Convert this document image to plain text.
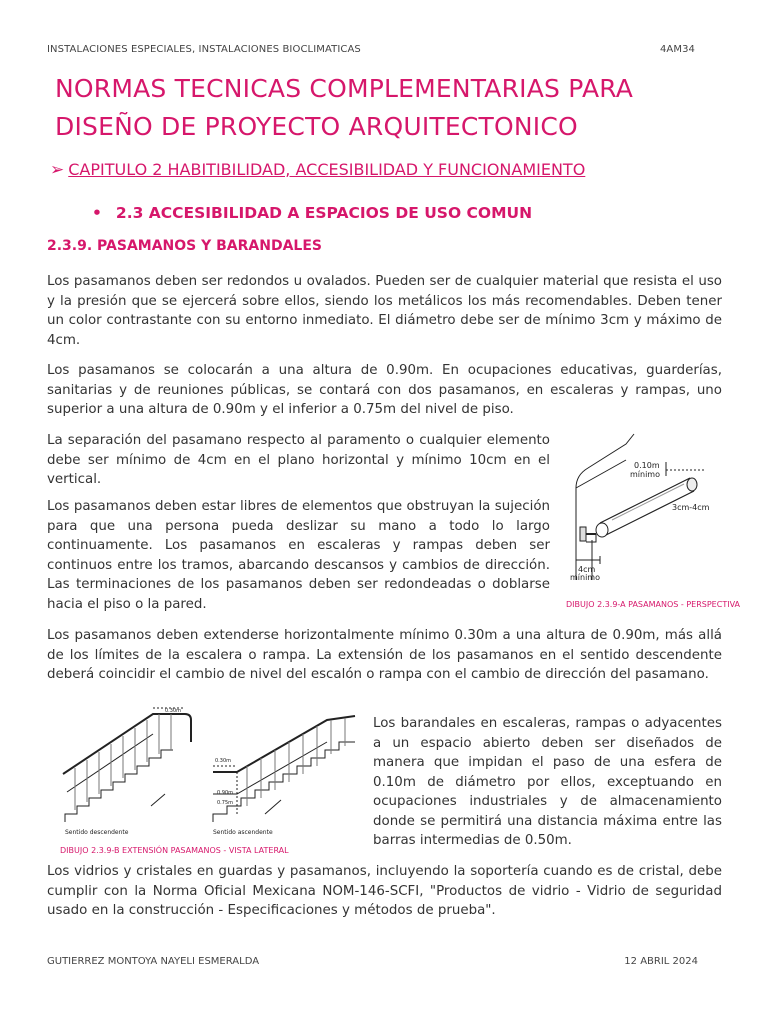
INSTALACIONES ESPECIALES, INSTALACIONES BIOCLIMATICAS	4AM34
NORMAS TECNICAS COMPLEMENTARIAS PARA DISEÑO DE PROYECTO ARQUITECTONICO
➢ CAPITULO 2 HABITIBILIDAD, ACCESIBILIDAD Y FUNCIONAMIENTO
• 2.3 ACCESIBILIDAD A ESPACIOS DE USO COMUN
2.3.9. PASAMANOS Y BARANDALES
Los pasamanos deben ser redondos u ovalados. Pueden ser de cualquier material que resista el uso y la presión que se ejercerá sobre ellos, siendo los metálicos los más recomendables. Deben tener un color contrastante con su entorno inmediato. El diámetro debe ser de mínimo 3cm y máximo de 4cm.
Los pasamanos se colocarán a una altura de 0.90m. En ocupaciones educativas, guarderías, sanitarias y de reuniones públicas, se contará con dos pasamanos, en escaleras y rampas, uno superior a una altura de 0.90m y el inferior a 0.75m del nivel de piso.
La separación del pasamano respecto al paramento o cualquier elemento debe ser mínimo de 4cm en el plano horizontal y mínimo 10cm en el vertical.
Los pasamanos deben estar libres de elementos que obstruyan la sujeción para que una persona pueda deslizar su mano a todo lo largo continuamente. Los pasamanos en escaleras y rampas deben ser continuos entre los tramos, abarcando descansos y cambios de dirección. Las terminaciones de los pasamanos deben ser redondeadas o doblarse hacia el piso o la pared.
Los pasamanos deben extenderse horizontalmente mínimo 0.30m a una altura de 0.90m, más allá de los límites de la escalera o rampa. La extensión de los pasamanos en el sentido descendente deberá coincidir el cambio de nivel del escalón o rampa con el cambio de dirección del pasamano.
Los barandales en escaleras, rampas o adyacentes a un espacio abierto deben ser diseñados de manera que impidan el paso de una esfera de 0.10m de diámetro por ellos, exceptuando en ocupaciones industriales y de almacenamiento donde se permitirá una distancia máxima entre las barras intermedias de 0.50m.
Los vidrios y cristales en guardas y pasamanos, incluyendo la soportería cuando es de cristal, debe cumplir con la Norma Oficial Mexicana NOM-146-SCFI, "Productos de vidrio - Vidrio de seguridad usado en la construcción - Especificaciones y métodos de prueba".
0.10m
mínimo
3cm-4cm
4cm
mínimo
DIBUJO 2.3.9-A PASAMANOS - PERSPECTIVA
0.30m
0.30m
0.90m
0.75m
Sentido descendente	Sentido ascendente
DIBUJO 2.3.9-B EXTENSIÓN PASAMANOS - VISTA LATERAL
GUTIERREZ MONTOYA NAYELI ESMERALDA	12 ABRIL 2024
